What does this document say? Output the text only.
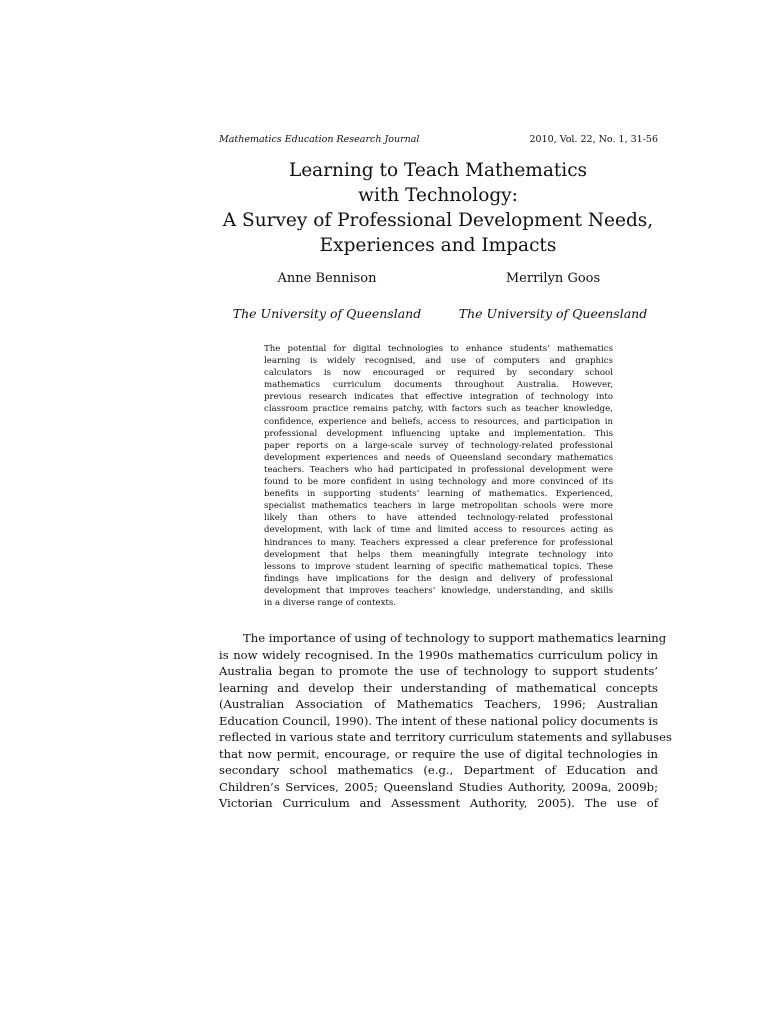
Mathematics Education Research Journal	2010, Vol. 22, No. 1, 31-56
Learning to Teach Mathematics
with Technology:
A Survey of Professional Development Needs,
Experiences and Impacts
Anne Bennison	Merrilyn Goos
The University of Queensland	The University of Queensland
The potential for digital technologies to enhance students’ mathematics
learning is widely recognised, and use of computers and graphics
calculators is now encouraged or required by secondary school
mathematics curriculum documents throughout Australia. However,
previous research indicates that effective integration of technology into
classroom practice remains patchy, with factors such as teacher knowledge,
confidence, experience and beliefs, access to resources, and participation in
professional development influencing uptake and implementation. This
paper reports on a large-scale survey of technology-related professional
development experiences and needs of Queensland secondary mathematics
teachers. Teachers who had participated in professional development were
found to be more confident in using technology and more convinced of its
benefits in supporting students’ learning of mathematics. Experienced,
specialist mathematics teachers in large metropolitan schools were more
likely than others to have attended technology-related professional
development, with lack of time and limited access to resources acting as
hindrances to many. Teachers expressed a clear preference for professional
development that helps them meaningfully integrate technology into
lessons to improve student learning of specific mathematical topics. These
findings have implications for the design and delivery of professional
development that improves teachers’ knowledge, understanding, and skills
in a diverse range of contexts.
The importance of using of technology to support mathematics learning
is now widely recognised. In the 1990s mathematics curriculum policy in
Australia began to promote the use of technology to support students’
learning and develop their understanding of mathematical concepts
(Australian Association of Mathematics Teachers, 1996; Australian
Education Council, 1990). The intent of these national policy documents is
reflected in various state and territory curriculum statements and syllabuses
that now permit, encourage, or require the use of digital technologies in
secondary school mathematics (e.g., Department of Education and
Children’s Services, 2005; Queensland Studies Authority, 2009a, 2009b;
Victorian Curriculum and Assessment Authority, 2005). The use of
